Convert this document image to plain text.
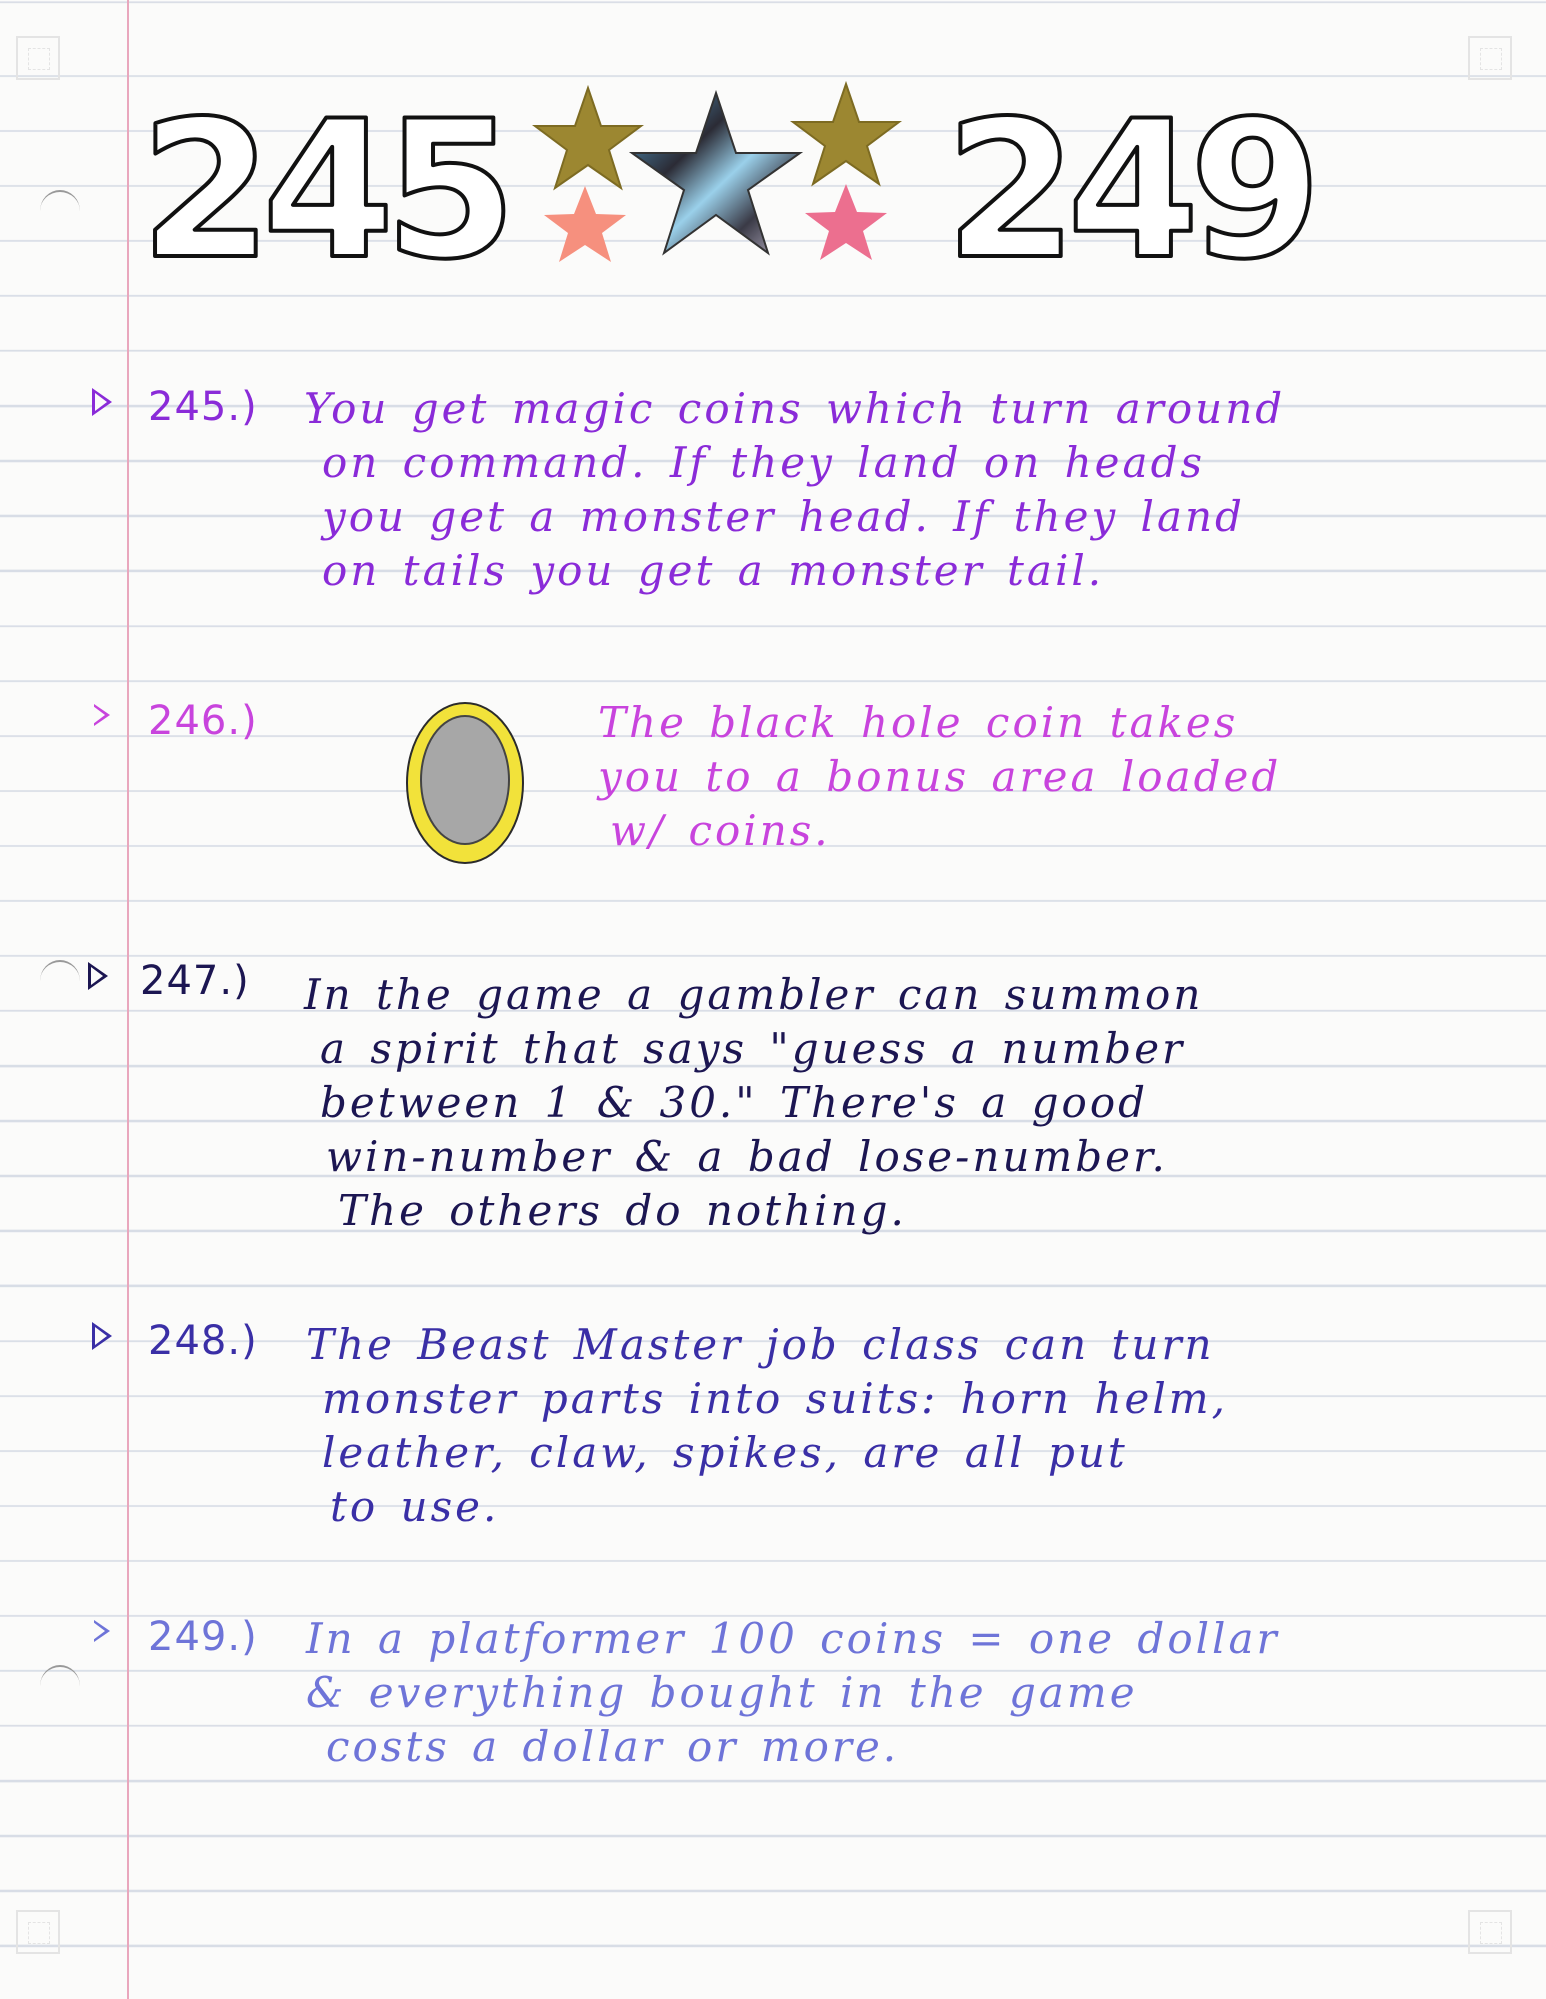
245 249
245.) You get magic coins which turn around
on command. If they land on heads
you get a monster head. If they land
on tails you get a monster tail.
246.)	The black hole coin takes
you to a bonus area loaded
w/ coins.
247.) In the game a gambler can summon
a spirit that says "guess a number
between 1 & 30." There's a good
win-number & a bad lose-number.
The others do nothing.
248.) The Beast Master job class can turn
monster parts into suits: horn helm,
leather, claw, spikes, are all put
to use.
249.) In a platformer 100 coins = one dollar
& everything bought in the game
costs a dollar or more.
